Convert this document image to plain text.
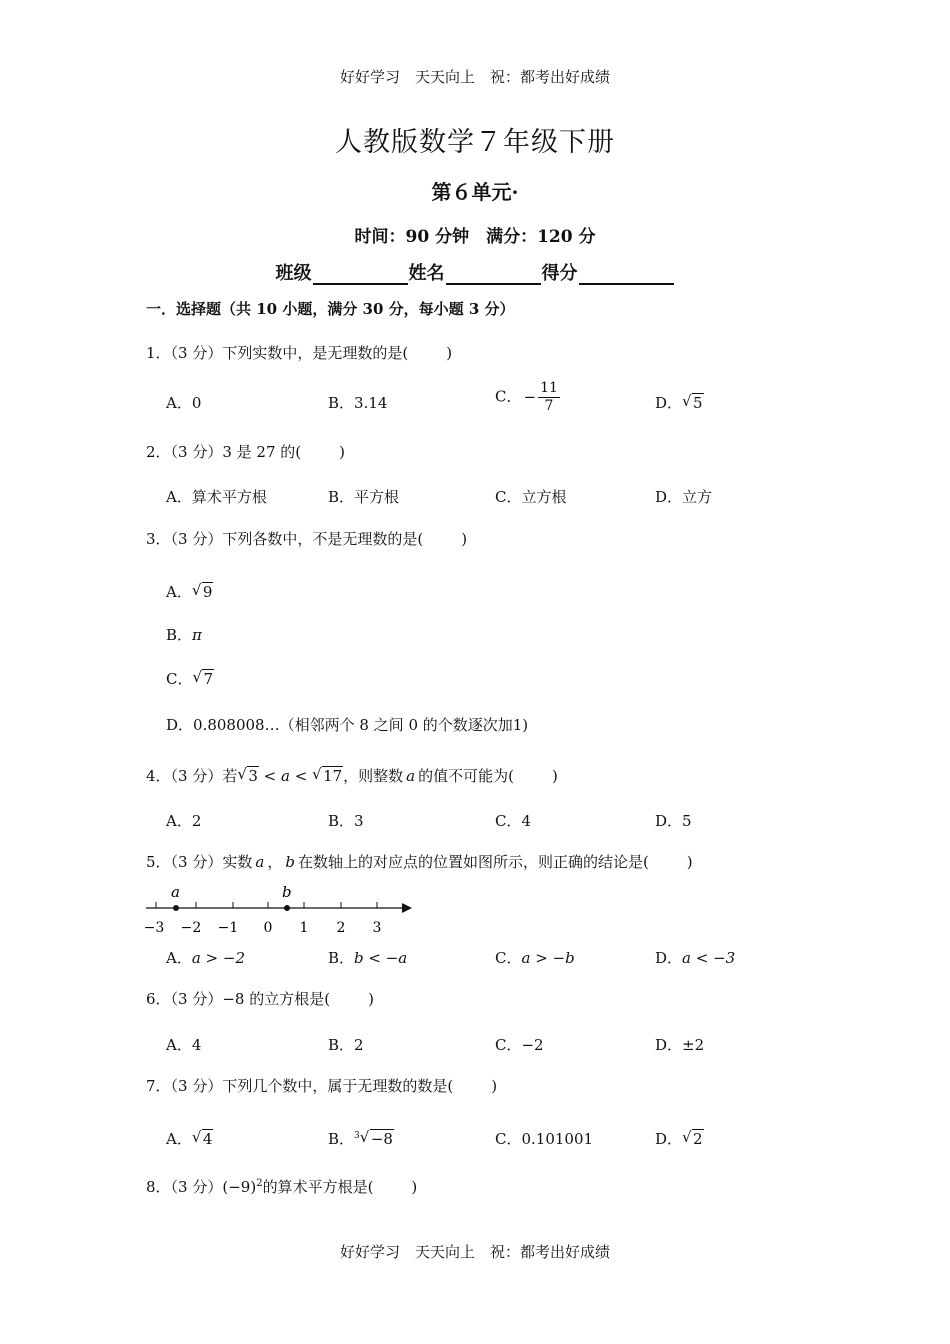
好好学习　天天向上　祝：都考出好成绩
人教版数学７年级下册
第６单元·
时间：90 分钟　满分：120 分
班级	姓名	得分
一．选择题（共 10 小题，满分 30 分，每小题 3 分）
1．（3 分）下列实数中，是无理数的是(	)
A．0	B．3.14	C． − $\frac{11}{7}$	D． √ 5
2．（3 分）3 是 27 的(	)
A．算术平方根	B．平方根	C．立方根	D．立方
3．（3 分）下列各数中，不是无理数的是(	)
A． √ 9
B．π
C． √ 7
D．0.808008…（相邻两个 8 之间 0 的个数逐次加1)
4．（3 分）若 √ 3 < a < √ 17，则整数 a 的值不可能为(	)
A．2	B．3	C．4	D．5
5．（3 分）实数 a ， b 在数轴上的对应点的位置如图所示，则正确的结论是(	)
a	b
−3 −2 −1 0 1 2 3
A．a > −2	B．b < −a	C．a > −b	D．a < −3
6．（3 分）−8 的立方根是(	)
A．4	B．2	C．−2	D．±2
7．（3 分）下列几个数中，属于无理数的数是(	)
A． √ 4	B．$^3$ √ −8	C．0.101001	D． √ 2
8．（3 分）$(-9)^2$的算术平方根是(	)
好好学习　天天向上　祝：都考出好成绩
